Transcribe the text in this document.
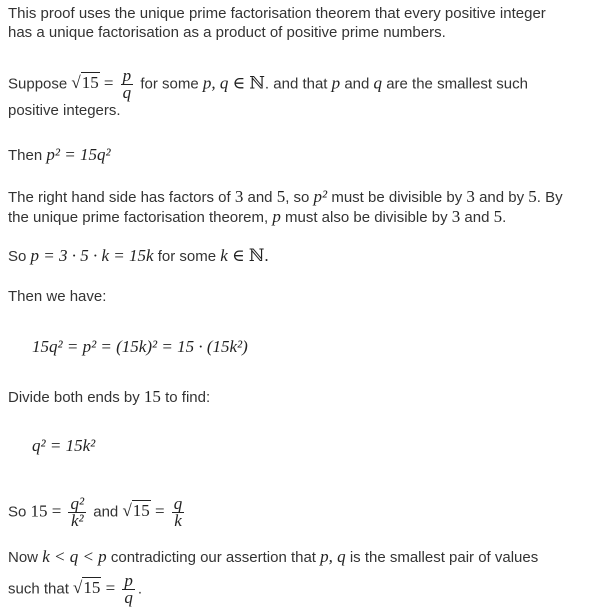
This proof uses the unique prime factorisation theorem that every positive integer
has a unique factorisation as a product of positive prime numbers.
Suppose $√15 = \frac{p}{q}$ for some p, q ∈ ℕ. and that p and q are the smallest such
positive integers.
Then p² = 15q²
The right hand side has factors of 3 and 5, so p² must be divisible by 3 and by 5. By
the unique prime factorisation theorem, p must also be divisible by 3 and 5.
So p = 3 · 5 · k = 15k for some k ∈ ℕ.
Then we have:
15q² = p² = (15k)² = 15 · (15k²)
Divide both ends by 15 to find:
q² = 15k²
So $15 = \frac{\text{q²}}{\text{k²}}$ and $√15 = \frac{q}{k}$
Now k < q < p contradicting our assertion that p, q is the smallest pair of values
such that $√15 = \frac{p}{q}$ .
